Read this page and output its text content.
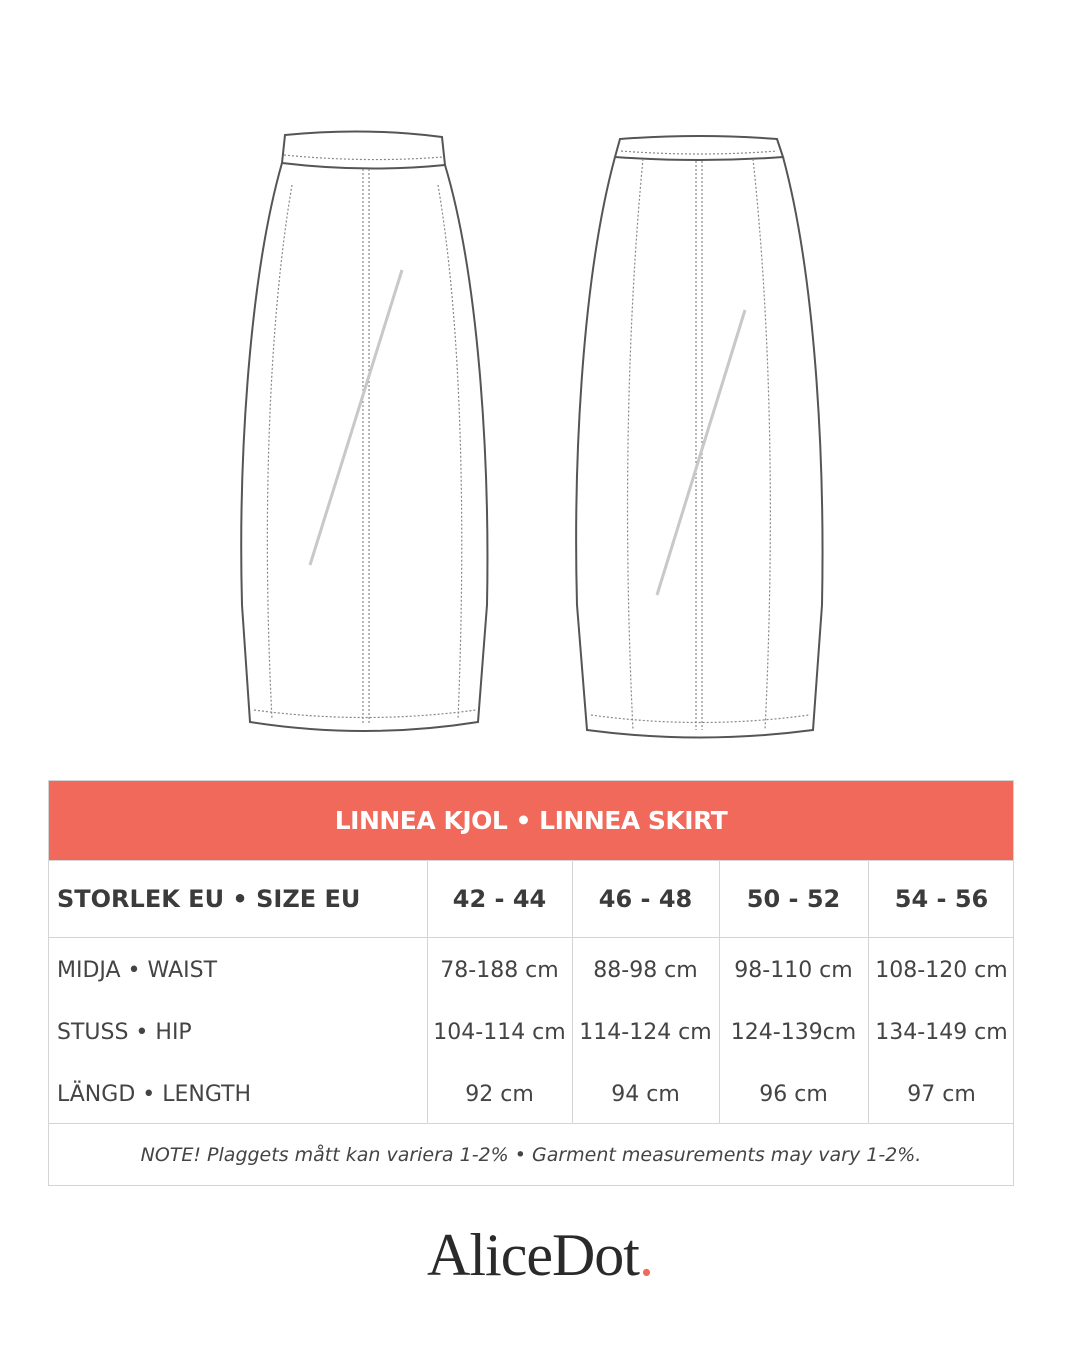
LINNEA KJOL • LINNEA SKIRT
STORLEK EU • SIZE EU	42 - 44	46 - 48	50 - 52	54 - 56
MIDJA • WAIST	78-188 cm	88-98 cm	98-110 cm	108-120 cm
STUSS • HIP	104-114 cm 114-124 cm 124-139cm 134-149 cm
LÄNGD • LENGTH	92 cm	94 cm	96 cm	97 cm
NOTE! Plaggets mått kan variera 1-2% • Garment measurements may vary 1-2%.
AliceDot .
